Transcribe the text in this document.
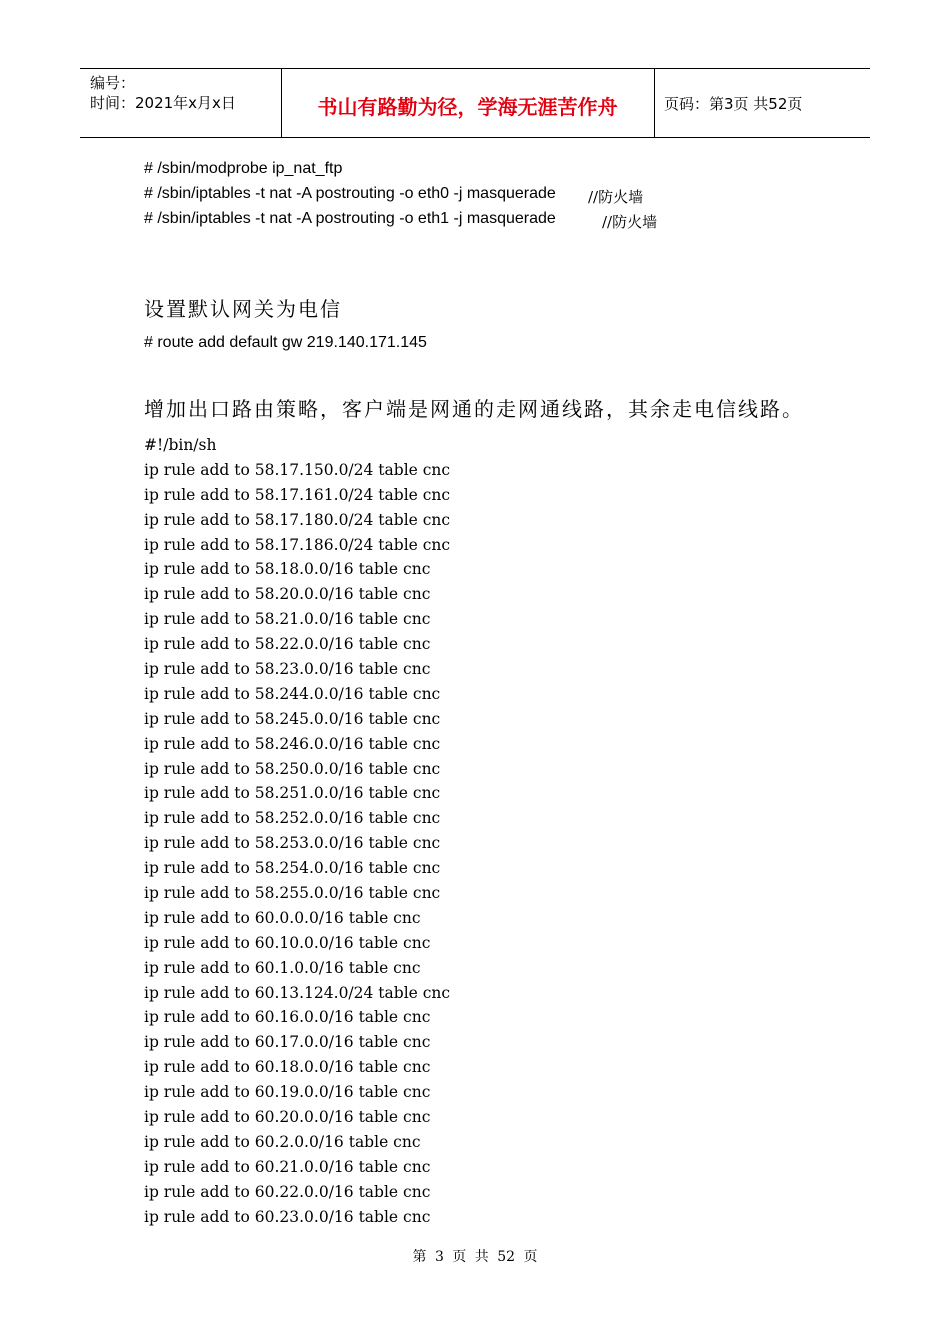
编号：
时间：2021年x月x日	书山有路勤为径，学海无涯苦作舟	页码：第3页 共52页
# /sbin/modprobe ip_nat_ftp
# /sbin/iptables -t nat -A postrouting -o eth0 -j masquerade //防火墙
# /sbin/iptables -t nat -A postrouting -o eth1 -j masquerade	//防火墙
设置默认网关为电信
# route add default gw 219.140.171.145
增加出口路由策略，客户端是网通的走网通线路，其余走电信线路。
#!/bin/sh
ip rule add to 58.17.150.0/24 table cnc
ip rule add to 58.17.161.0/24 table cnc
ip rule add to 58.17.180.0/24 table cnc
ip rule add to 58.17.186.0/24 table cnc
ip rule add to 58.18.0.0/16 table cnc
ip rule add to 58.20.0.0/16 table cnc
ip rule add to 58.21.0.0/16 table cnc
ip rule add to 58.22.0.0/16 table cnc
ip rule add to 58.23.0.0/16 table cnc
ip rule add to 58.244.0.0/16 table cnc
ip rule add to 58.245.0.0/16 table cnc
ip rule add to 58.246.0.0/16 table cnc
ip rule add to 58.250.0.0/16 table cnc
ip rule add to 58.251.0.0/16 table cnc
ip rule add to 58.252.0.0/16 table cnc
ip rule add to 58.253.0.0/16 table cnc
ip rule add to 58.254.0.0/16 table cnc
ip rule add to 58.255.0.0/16 table cnc
ip rule add to 60.0.0.0/16 table cnc
ip rule add to 60.10.0.0/16 table cnc
ip rule add to 60.1.0.0/16 table cnc
ip rule add to 60.13.124.0/24 table cnc
ip rule add to 60.16.0.0/16 table cnc
ip rule add to 60.17.0.0/16 table cnc
ip rule add to 60.18.0.0/16 table cnc
ip rule add to 60.19.0.0/16 table cnc
ip rule add to 60.20.0.0/16 table cnc
ip rule add to 60.2.0.0/16 table cnc
ip rule add to 60.21.0.0/16 table cnc
ip rule add to 60.22.0.0/16 table cnc
ip rule add to 60.23.0.0/16 table cnc
第 3 页 共 52 页
